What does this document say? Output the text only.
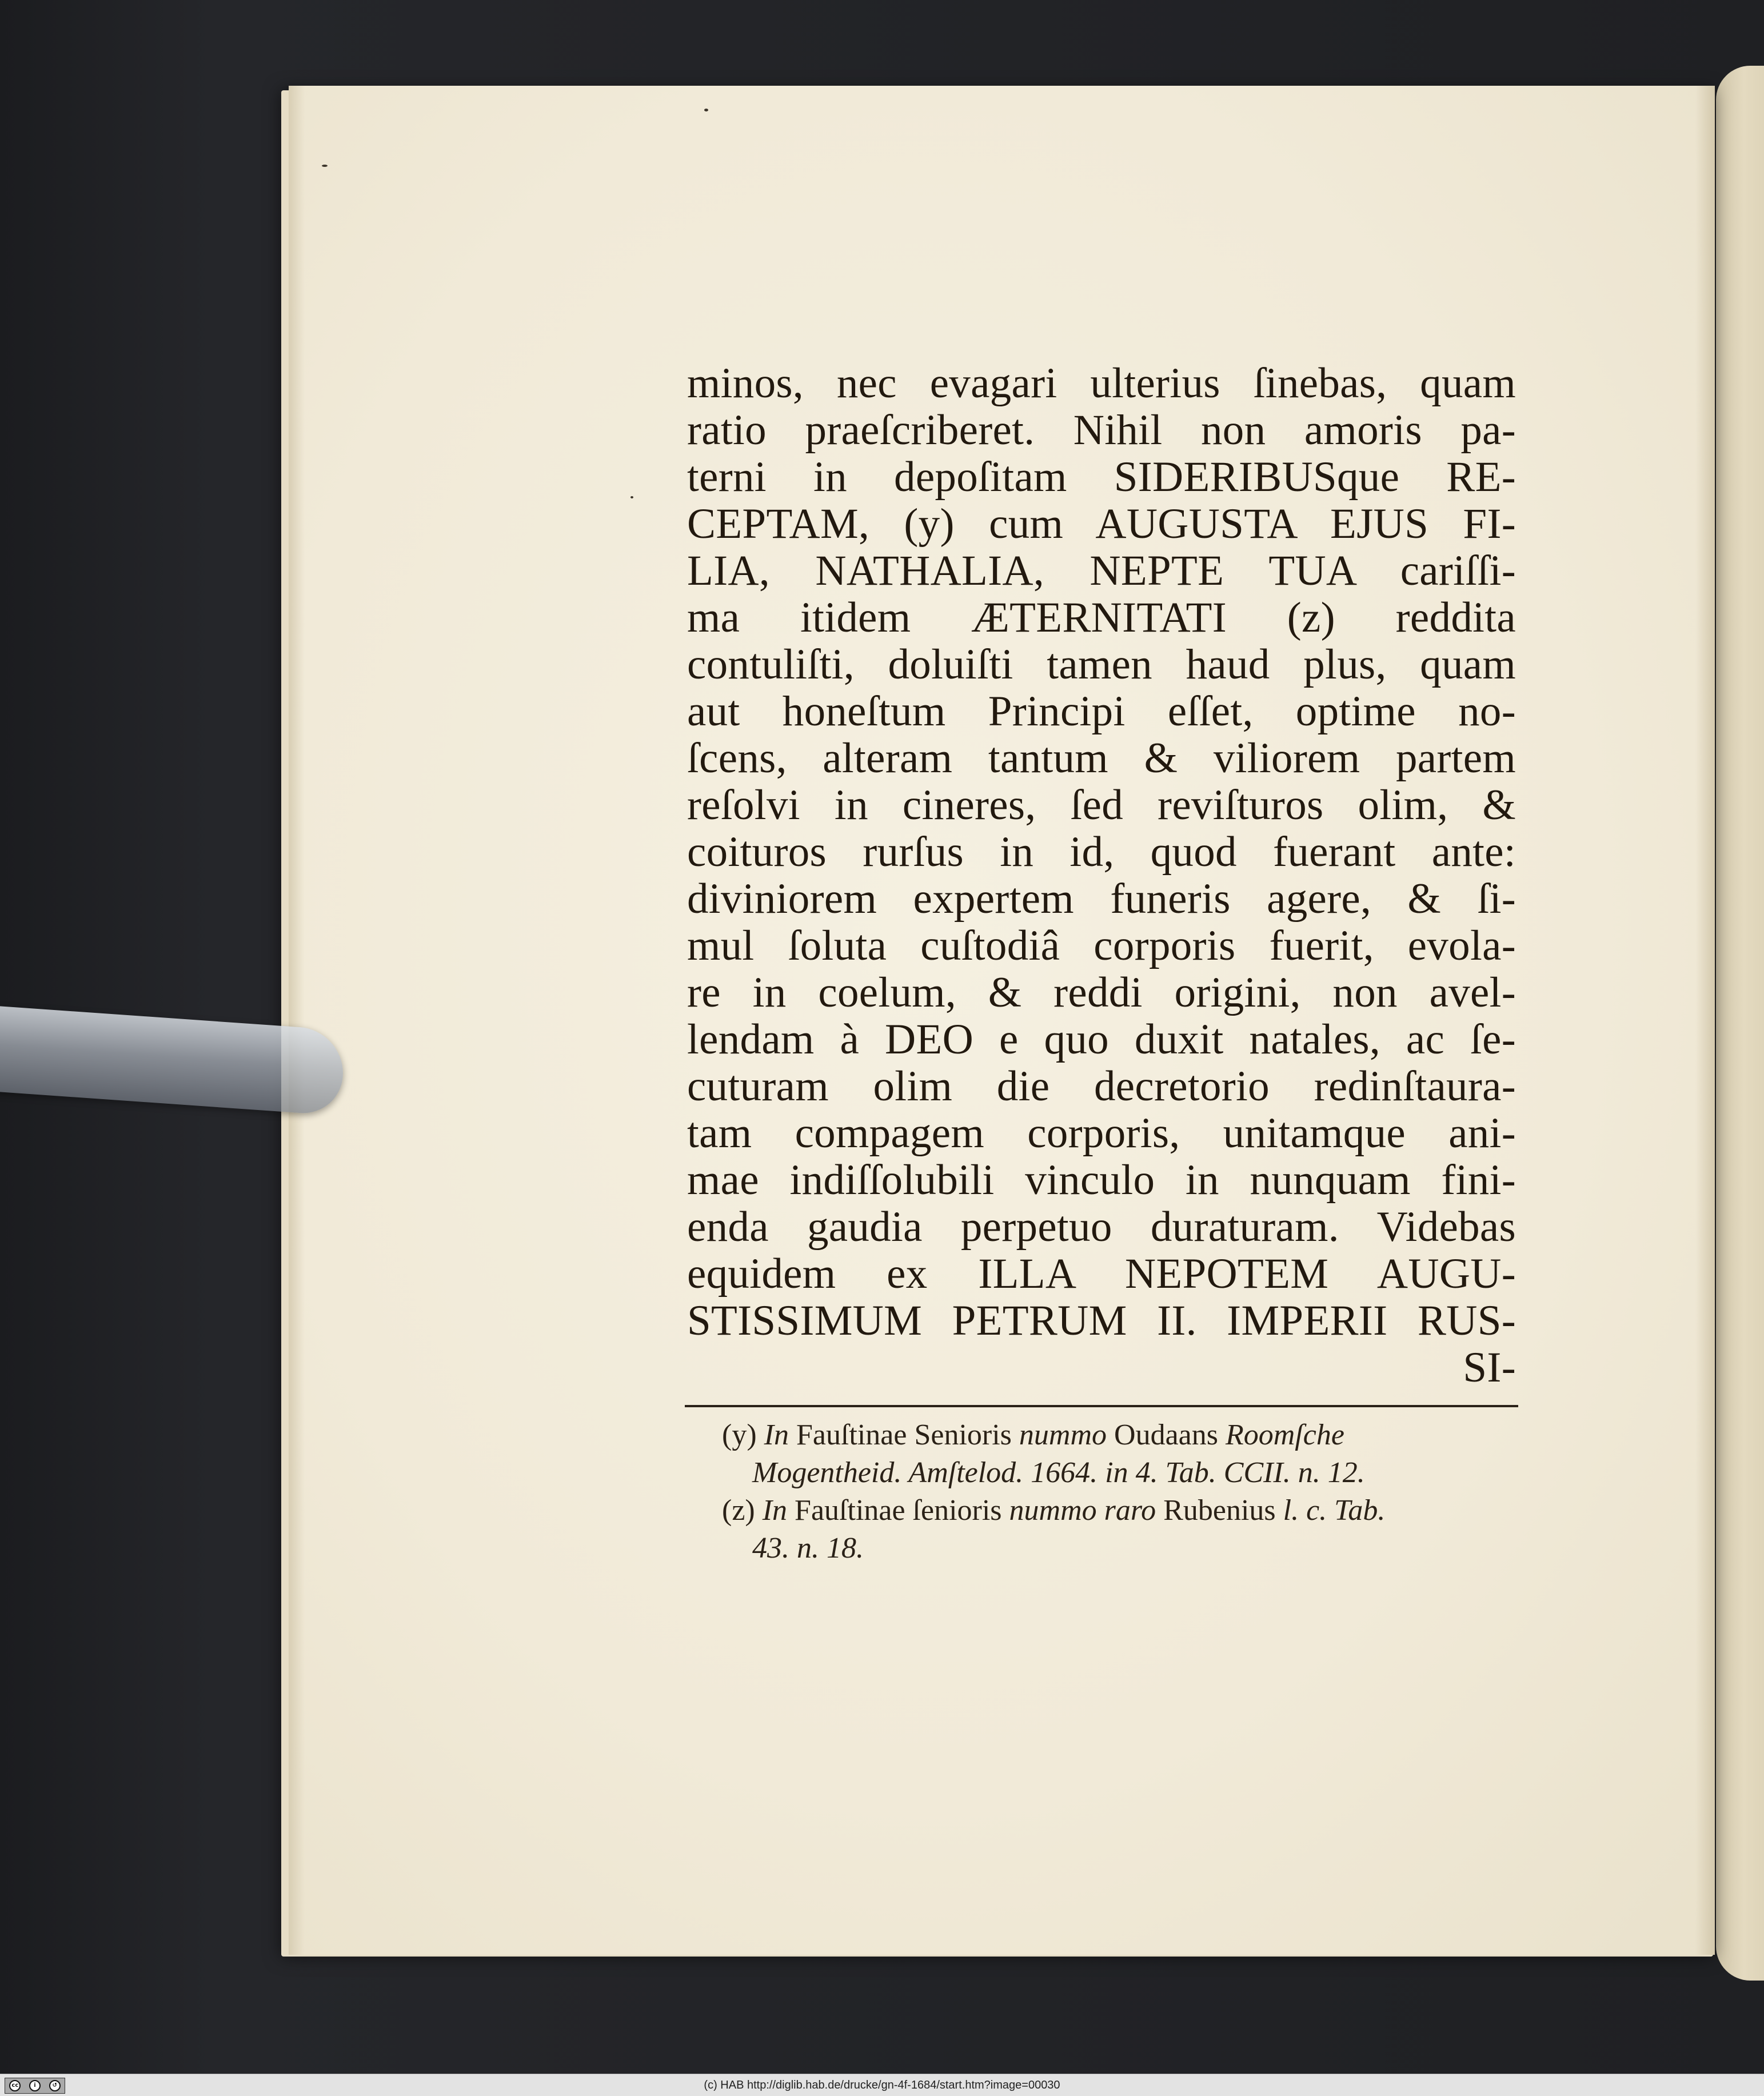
minos, nec evagari ulterius ſinebas, quam
ratio praeſcriberet. Nihil non amoris pa-
terni in depoſitam SIDERIBUSque RE-
CEPTAM, (y) cum AUGUSTA EJUS FI-
LIA, NATHALIA, NEPTE TUA cariſſi-
ma itidem ÆTERNITATI (z) reddita
contuliſti, doluiſti tamen haud plus, quam
aut honeſtum Principi eſſet, optime no-
ſcens, alteram tantum & viliorem partem
reſolvi in cineres, ſed reviſturos olim, &
coituros rurſus in id, quod fuerant ante:
diviniorem expertem funeris agere, & ſi-
mul ſoluta cuſtodiâ corporis fuerit, evola-
re in coelum, & reddi origini, non avel-
lendam à DEO e quo duxit natales, ac ſe-
cuturam olim die decretorio redinſtaura-
tam compagem corporis, unitamque ani-
mae indiſſolubili vinculo in nunquam fini-
enda gaudia perpetuo duraturam. Videbas
equidem ex ILLA NEPOTEM AUGU-
STISSIMUM PETRUM II. IMPERII RUS-
SI-
(y) In Fauſtinae Senioris nummo Oudaans Roomſche
Mogentheid. Amſtelod. 1664. in 4. Tab. CCII. n. 12.
(z) In Fauſtinae ſenioris nummo raro Rubenius l. c. Tab.
43. n. 18.
cc	i	↺	(c) HAB http://diglib.hab.de/drucke/gn-4f-1684/start.htm?image=00030
